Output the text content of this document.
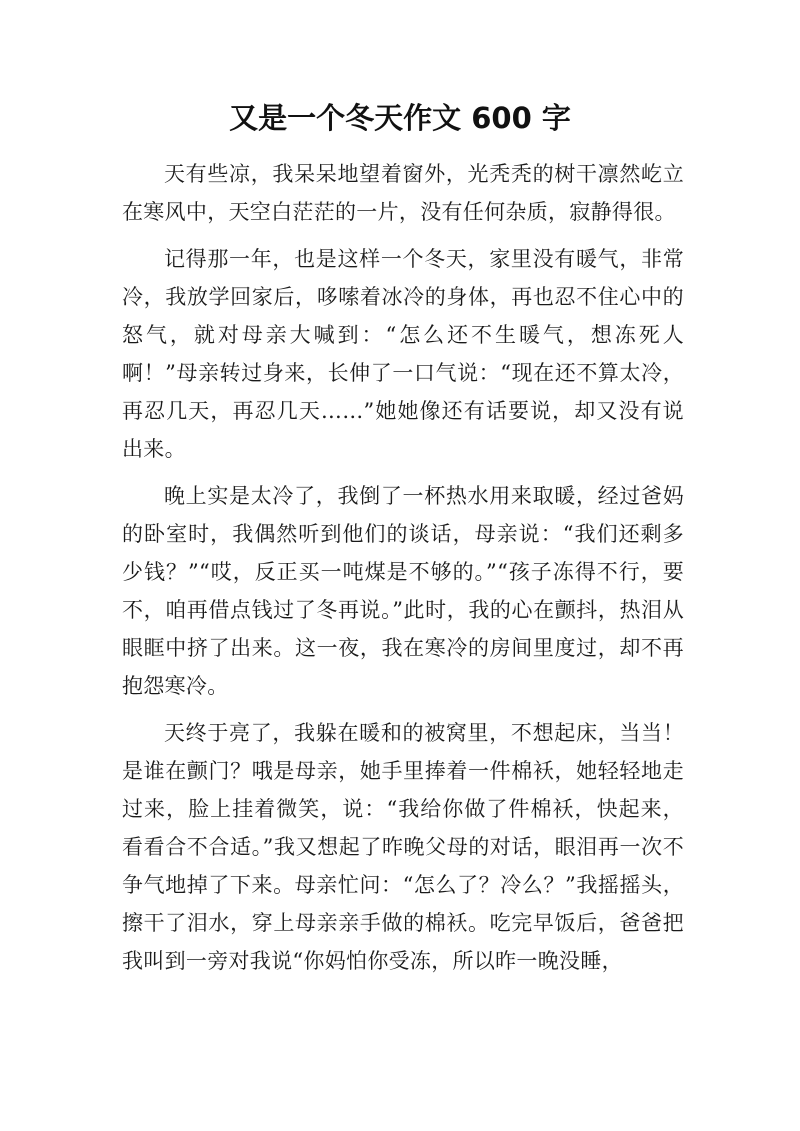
又是一个冬天作文 600 字

天有些凉，我呆呆地望着窗外，光秃秃的树干凛然屹立在寒风中，天空白茫茫的一片，没有任何杂质，寂静得很。

记得那一年，也是这样一个冬天，家里没有暖气，非常冷，我放学回家后，哆嗦着冰冷的身体，再也忍不住心中的怒气，就对母亲大喊到：“怎么还不生暖气，想冻死人啊！”母亲转过身来，长伸了一口气说：“现在还不算太冷，再忍几天，再忍几天……”她她像还有话要说，却又没有说出来。

晚上实是太冷了，我倒了一杯热水用来取暖，经过爸妈的卧室时，我偶然听到他们的谈话，母亲说：“我们还剩多少钱？”“哎，反正买一吨煤是不够的。”“孩子冻得不行，要不，咱再借点钱过了冬再说。”此时，我的心在颤抖，热泪从眼眶中挤了出来。这一夜，我在寒冷的房间里度过，却不再抱怨寒冷。

天终于亮了，我躲在暖和的被窝里，不想起床，当当！是谁在颤门？哦是母亲，她手里捧着一件棉袄，她轻轻地走过来，脸上挂着微笑，说：“我给你做了件棉袄，快起来，看看合不合适。”我又想起了昨晚父母的对话，眼泪再一次不争气地掉了下来。母亲忙问：“怎么了？冷么？”我摇摇头，擦干了泪水，穿上母亲亲手做的棉袄。吃完早饭后，爸爸把我叫到一旁对我说“你妈怕你受冻，所以昨一晚没睡，
